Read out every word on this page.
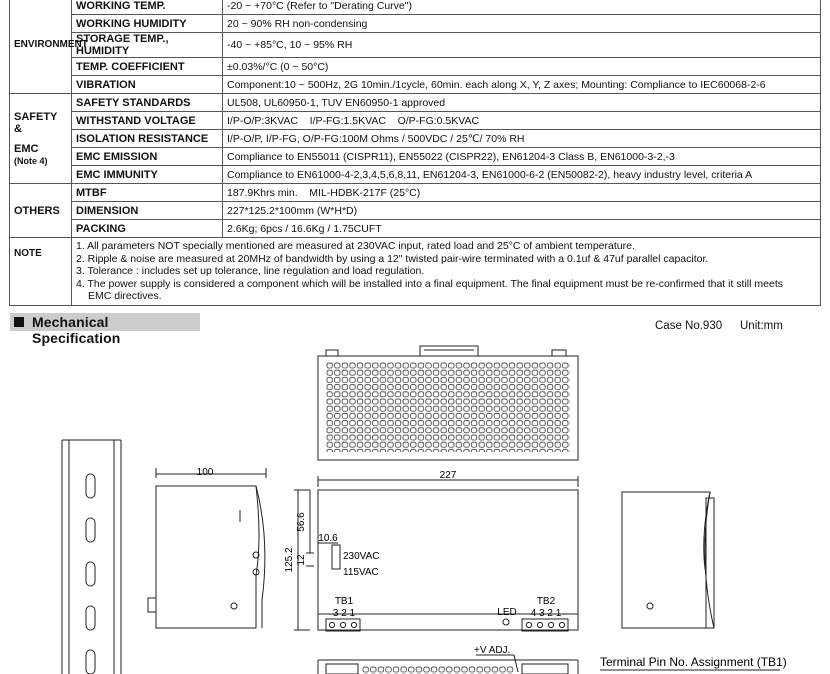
ENVIRONMENT	WORKING TEMP.	-20 ~ +70°C (Refer to "Derating Curve")
	WORKING HUMIDITY	20 ~ 90% RH non-condensing
	STORAGE TEMP., HUMIDITY	-40 ~ +85°C, 10 ~ 95% RH
	TEMP. COEFFICIENT	±0.03%/°C (0 ~ 50°C)
	VIBRATION	Component:10 ~ 500Hz, 2G 10min./1cycle, 60min. each along X, Y, Z axes; Mounting: Compliance to IEC60068-2-6

SAFETY &
EMC
(Note 4)	SAFETY STANDARDS	UL508, UL60950-1, TUV EN60950-1 approved
	WITHSTAND VOLTAGE	I/P-O/P:3KVAC    I/P-FG:1.5KVAC    O/P-FG:0.5KVAC
	ISOLATION RESISTANCE	I/P-O/P, I/P-FG, O/P-FG:100M Ohms / 500VDC / 25℃/ 70% RH
	EMC EMISSION	Compliance to EN55011 (CISPR11), EN55022 (CISPR22), EN61204-3 Class B, EN61000-3-2,-3
	EMC IMMUNITY	Compliance to EN61000-4-2,3,4,5,6,8,11, EN61204-3, EN61000-6-2 (EN50082-2), heavy industry level, criteria A
OTHERS	MTBF	187.9Khrs min.    MIL-HDBK-217F (25°C)
	DIMENSION	227*125.2*100mm (W*H*D)
	PACKING	2.6Kg; 6pcs / 16.6Kg / 1.75CUFT
NOTE	1. All parameters NOT specially mentioned are measured at 230VAC input, rated load and 25°C of ambient temperature.
2. Ripple & noise are measured at 20MHz of bandwidth by using a 12" twisted pair-wire terminated with a 0.1uf & 47uf parallel capacitor.
3. Tolerance : includes set up tolerance, line regulation and load regulation.
4. The power supply is considered a component which will be installed into a final equipment. The final equipment must be re-confirmed that it still meets
EMC directives.	
Mechanical Specification
Case No.930 Unit:mm
100	227
125.2
56.6
12
10.6
230VAC
115VAC
TB1
3 2 1	LED
TB2
4 3 2 1
+V ADJ.
Terminal Pin No. Assignment (TB1)
